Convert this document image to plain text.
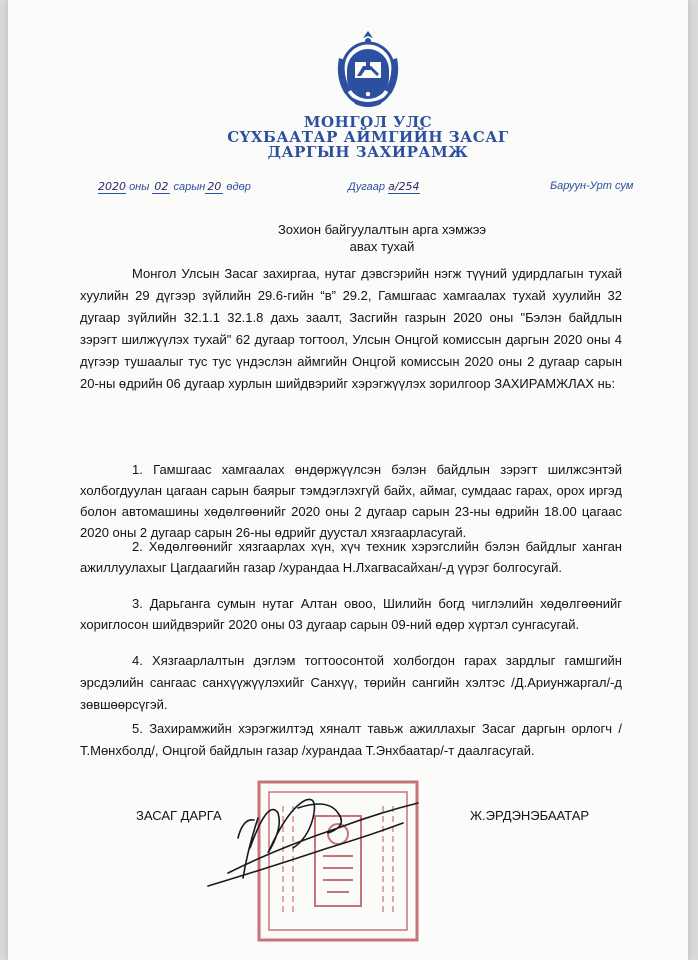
МОНГОЛ УЛС
СҮХБААТАР АЙМГИЙН ЗАСАГ
ДАРГЫН ЗАХИРАМЖ
2020 оны 02 сарын 20 өдөр	Дугаар а/254	Баруун-Урт сум
Зохион байгуулалтын арга хэмжээ
авах тухай
Монгол Улсын Засаг захиргаа, нутаг дэвсгэрийн нэгж түүний удирдлагын тухай хуулийн 29 дүгээр зүйлийн 29.6-гийн “в” 29.2, Гамшгаас хамгаалах тухай хуулийн 32 дугаар зүйлийн 32.1.1 32.1.8 дахь заалт, Засгийн газрын 2020 оны "Бэлэн байдлын зэрэгт шилжүүлэх тухай" 62 дугаар тогтоол, Улсын Онцгой комиссын даргын 2020 оны 4 дүгээр тушаалыг тус тус үндэслэн аймгийн Онцгой комиссын 2020 оны 2 дугаар сарын 20-ны өдрийн 06 дугаар хурлын шийдвэрийг хэрэгжүүлэх зорилгоор ЗАХИРАМЖЛАХ нь:
1. Гамшгаас хамгаалах өндөржүүлсэн бэлэн байдлын зэрэгт шилжсэнтэй холбогдуулан цагаан сарын баярыг тэмдэглэхгүй байх, аймаг, сумдаас гарах, орох иргэд болон автомашины хөдөлгөөнийг 2020 оны 2 дугаар сарын 23-ны өдрийн 18.00 цагаас 2020 оны 2 дугаар сарын 26-ны өдрийг дуустал хязгаарласугай.
2. Хөдөлгөөнийг хязгаарлах хүн, хүч техник хэрэгслийн бэлэн байдлыг ханган ажиллуулахыг Цагдаагийн газар /хурандаа Н.Лхагвасайхан/-д үүрэг болгосугай.
3. Дарьганга сумын нутаг Алтан овоо, Шилийн богд чиглэлийн хөдөлгөөнийг хориглосон шийдвэрийг 2020 оны 03 дугаар сарын 09-ний өдөр хүртэл сунгасугай.
4. Хязгаарлалтын дэглэм тогтоосонтой холбогдон гарах зардлыг гамшгийн эрсдэлийн сангаас санхүүжүүлэхийг Санхүү, төрийн сангийн хэлтэс /Д.Ариунжаргал/-д зөвшөөрсүгэй.
5. Захирамжийн хэрэгжилтэд хяналт тавьж ажиллахыг Засаг даргын орлогч /Т.Мөнхболд/, Онцгой байдлын газар /хурандаа Т.Энхбаатар/-т даалгасугай.
ЗАСАГ ДАРГА	Ж.ЭРДЭНЭБААТАР
